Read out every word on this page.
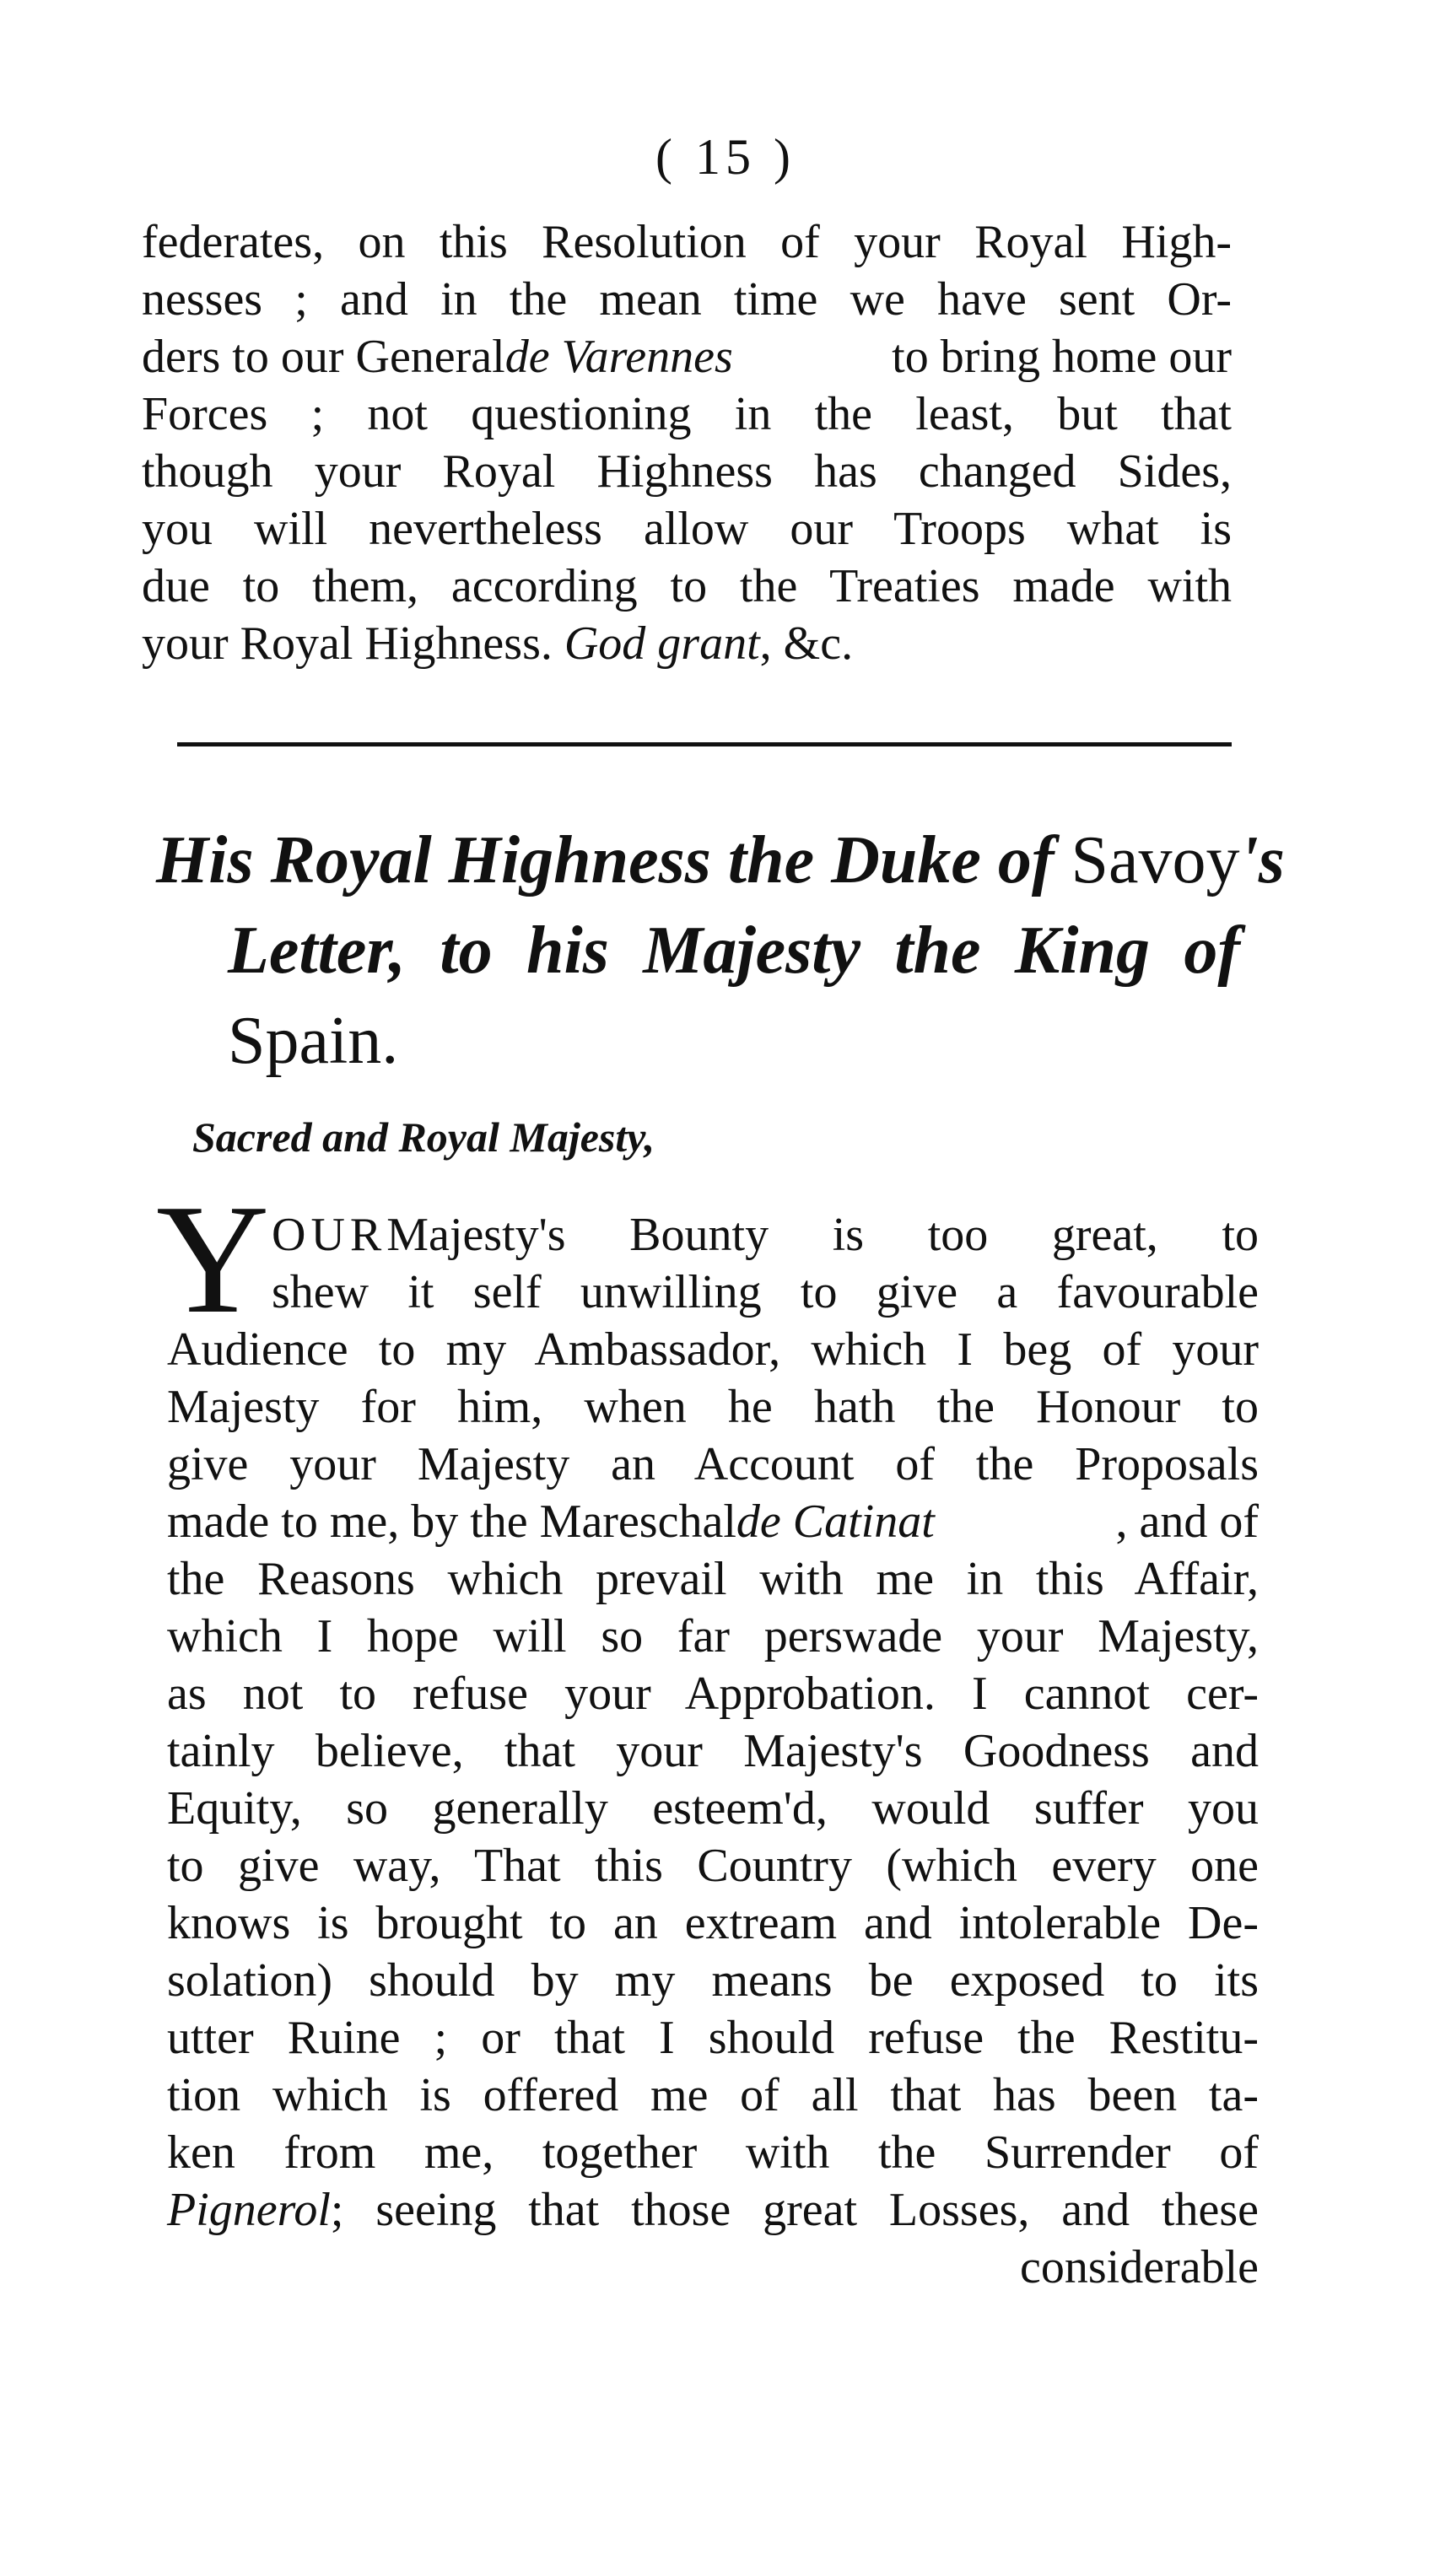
( 15 )
federates, on this Resolution of your Royal High-
nesses ; and in the mean time we have sent Or-
ders to our General de Varennes	to bring home our
Forces ; not questioning in the least, but that
though your Royal Highness has changed Sides,
you will nevertheless allow our Troops what is
due to them, according to the Treaties made with
your Royal Highness. God grant, &c.
His Royal Highness the Duke of Savoy's
Letter, to his Majesty the King of
Spain.
Sacred and Royal Majesty,
Y OUR Majesty's Bounty is too great, to
shew it self unwilling to give a favourable
Audience to my Ambassador, which I beg of your
Majesty for him, when he hath the Honour to
give your Majesty an Account of the Proposals
made to me, by the Mareschal de Catinat	, and of
the Reasons which prevail with me in this Affair,
which I hope will so far perswade your Majesty,
as not to refuse your Approbation. I cannot cer-
tainly believe, that your Majesty's Goodness and
Equity, so generally esteem'd, would suffer you
to give way, That this Country (which every one
knows is brought to an extream and intolerable De-
solation) should by my means be exposed to its
utter Ruine ; or that I should refuse the Restitu-
tion which is offered me of all that has been ta-
ken from me, together with the Surrender of
Pignerol ; seeing that those great Losses, and these
considerable
